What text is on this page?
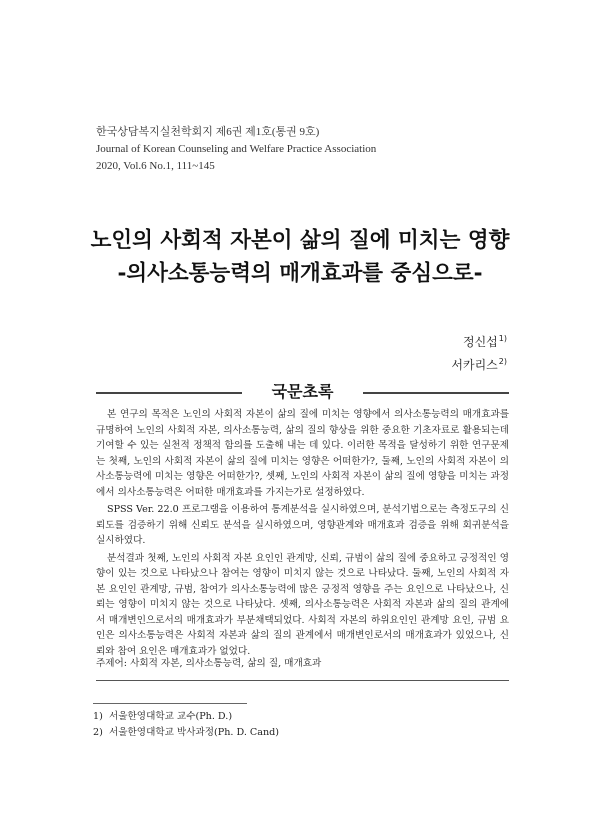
한국상담복지실천학회지 제6권 제1호(통권 9호)
Journal of Korean Counseling and Welfare Practice Association
2020, Vol.6 No.1, 111~145
노인의 사회적 자본이 삶의 질에 미치는 영향
-의사소통능력의 매개효과를 중심으로-
정신섭$^{1)}$
서카리스$^{2)}$
국문초록

본 연구의 목적은 노인의 사회적 자본이 삶의 질에 미치는 영향에서 의사소통능력의 매개효과를 규명하여 노인의 사회적 자본, 의사소통능력, 삶의 질의 향상을 위한 중요한 기초자료로 활용되는데 기여할 수 있는 실천적 정책적 함의를 도출해 내는 데 있다. 이러한 목적을 달성하기 위한 연구문제는 첫째, 노인의 사회적 자본이 삶의 질에 미치는 영향은 어떠한가?, 둘째, 노인의 사회적 자본이 의사소통능력에 미치는 영향은 어떠한가?, 셋째, 노인의 사회적 자본이 삶의 질에 영향을 미치는 과정에서 의사소통능력은 어떠한 매개효과를 가지는가로 설정하였다.

SPSS Ver. 22.0 프로그램을 이용하여 통계분석을 실시하였으며, 분석기법으로는 측정도구의 신뢰도를 검증하기 위해 신뢰도 분석을 실시하였으며, 영향관계와 매개효과 검증을 위해 회귀분석을 실시하였다.

분석결과 첫째, 노인의 사회적 자본 요인인 관계망, 신뢰, 규범이 삶의 질에 중요하고 긍정적인 영향이 있는 것으로 나타났으나 참여는 영향이 미치지 않는 것으로 나타났다. 둘째, 노인의 사회적 자본 요인인 관계망, 규범, 참여가 의사소통능력에 많은 긍정적 영향을 주는 요인으로 나타났으나, 신뢰는 영향이 미치지 않는 것으로 나타났다. 셋째, 의사소통능력은 사회적 자본과 삶의 질의 관계에서 매개변인으로서의 매개효과가 부분채택되었다. 사회적 자본의 하위요인인 관계망 요인, 규범 요인은 의사소통능력은 사회적 자본과 삶의 질의 관계에서 매개변인로서의 매개효과가 있었으나, 신뢰와 참여 요인은 매개효과가 없었다.

주제어: 사회적 자본, 의사소통능력, 삶의 질, 매개효과
1) 서울한영대학교 교수(Ph. D.)
2) 서울한영대학교 박사과정(Ph. D. Cand)
